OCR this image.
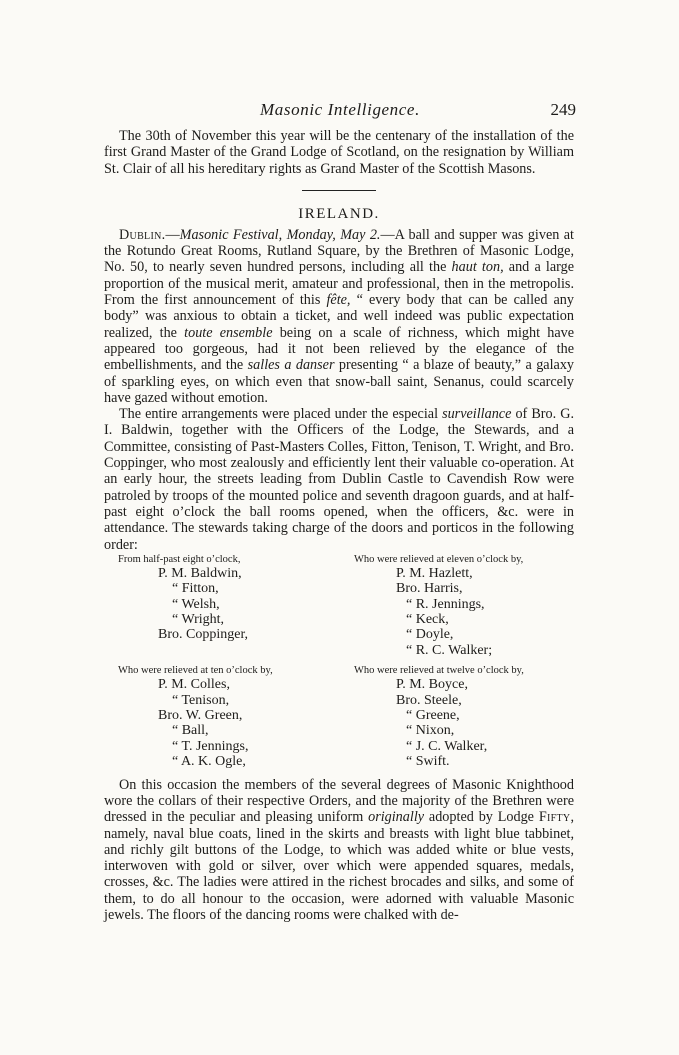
Masonic Intelligence.	249

The 30th of November this year will be the centenary of the installation of the first Grand Master of the Grand Lodge of Scotland, on the resignation by William St. Clair of all his hereditary rights as Grand Master of the Scottish Masons.

IRELAND.

Dublin.—Masonic Festival, Monday, May 2.—A ball and supper was given at the Rotundo Great Rooms, Rutland Square, by the Brethren of Masonic Lodge, No. 50, to nearly seven hundred persons, including all the haut ton, and a large proportion of the musical merit, amateur and professional, then in the metropolis. From the first announcement of this fête, “ every body that can be called any body” was anxious to obtain a ticket, and well indeed was public expectation realized, the toute ensemble being on a scale of richness, which might have appeared too gorgeous, had it not been relieved by the elegance of the embellishments, and the salles a danser presenting “ a blaze of beauty,” a galaxy of sparkling eyes, on which even that snow-ball saint, Senanus, could scarcely have gazed without emotion.

The entire arrangements were placed under the especial surveillance of Bro. G. I. Baldwin, together with the Officers of the Lodge, the Stewards, and a Committee, consisting of Past-Masters Colles, Fitton, Tenison, T. Wright, and Bro. Coppinger, who most zealously and efficiently lent their valuable co-operation. At an early hour, the streets leading from Dublin Castle to Cavendish Row were patroled by troops of the mounted police and seventh dragoon guards, and at half-past eight o’clock the ball rooms opened, when the officers, &c. were in attendance. The stewards taking charge of the doors and porticos in the following order:

From half-past eight o’clock,
P. M. Baldwin,
“ Fitton,
“ Welsh,
“ Wright,
Bro. Coppinger,
Who were relieved at eleven o’clock by,
P. M. Hazlett,
Bro. Harris,
“ R. Jennings,
“ Keck,
“ Doyle,
“ R. C. Walker;
Who were relieved at ten o’clock by,
P. M. Colles,
“ Tenison,
Bro. W. Green,
“ Ball,
“ T. Jennings,
“ A. K. Ogle,
Who were relieved at twelve o’clock by,
P. M. Boyce,
Bro. Steele,
“ Greene,
“ Nixon,
“ J. C. Walker,
“ Swift.

On this occasion the members of the several degrees of Masonic Knighthood wore the collars of their respective Orders, and the majority of the Brethren were dressed in the peculiar and pleasing uniform originally adopted by Lodge Fifty, namely, naval blue coats, lined in the skirts and breasts with light blue tabbinet, and richly gilt buttons of the Lodge, to which was added white or blue vests, interwoven with gold or silver, over which were appended squares, medals, crosses, &c. The ladies were attired in the richest brocades and silks, and some of them, to do all honour to the occasion, were adorned with valuable Masonic jewels. The floors of the dancing rooms were chalked with de-
